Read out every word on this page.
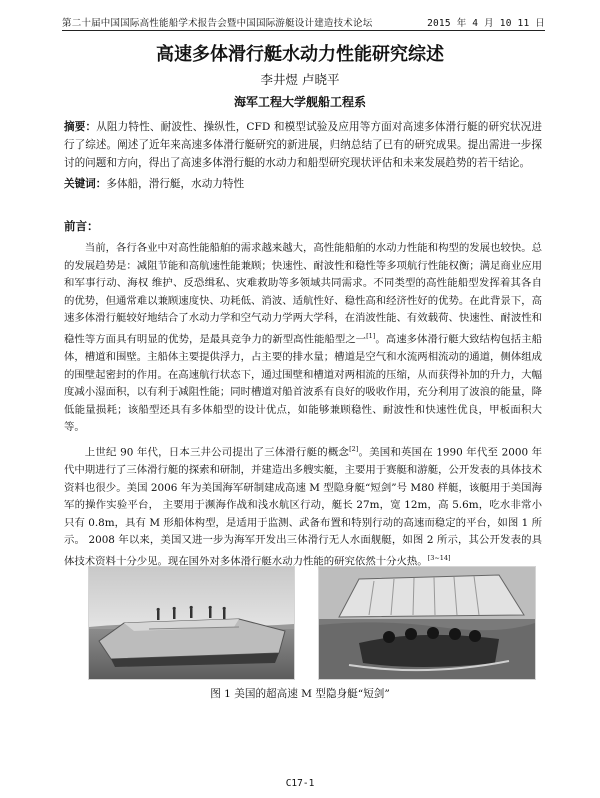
第二十届中国国际高性能船学术报告会暨中国国际游艇设计建造技术论坛	2015 年 4 月 10 11 日
高速多体滑行艇水动力性能研究综述
李井煜 卢晓平
海军工程大学舰船工程系
摘要：从阻力特性、耐波性、操纵性，CFD 和模型试验及应用等方面对高速多体滑行艇的研究状况进行了综述。阐述了近年来高速多体滑行艇研究的新进展，归纳总结了已有的研究成果。提出需进一步探讨的问题和方向，得出了高速多体滑行艇的水动力和船型研究现状评估和未来发展趋势的若干结论。
关键词：多体船，滑行艇，水动力特性
前言：

当前，各行各业中对高性能船舶的需求越来越大，高性能船舶的水动力性能和构型的发展也较快。总的发展趋势是：减阻节能和高航速性能兼顾；快速性、耐波性和稳性等多项航行性能权衡；满足商业应用和军事行动、海权 维护、反恐缉私、灾难救助等多领域共同需求。不同类型的高性能船型发挥着其各自的优势，但通常难以兼顾速度快、功耗低、消波、适航性好、稳性高和经济性好的优势。在此背景下，高速多体滑行艇较好地结合了水动力学和空气动力学两大学科，在消波性能、有效载荷、快速性、耐波性和稳性等方面具有明显的优势，是最具竞争力的新型高性能船型之一[1]。高速多体滑行艇大致结构包括主船体，槽道和围壁。主船体主要提供浮力，占主要的排水量；槽道是空气和水流两相流动的通道，侧体组成的围壁起密封的作用。在高速航行状态下，通过围壁和槽道对两相流的压缩，从而获得补加的升力，大幅度减小湿面积，以有利于减阻性能；同时槽道对船首波系有良好的吸收作用，充分利用了波浪的能量，降低能量损耗；该船型还具有多体船型的设计优点，如能够兼顾稳性、耐波性和快速性优良，甲板面积大等。

上世纪 90 年代，日本三井公司提出了三体滑行艇的概念[2]。美国和英国在 1990 年代至 2000 年代中期进行了三体滑行艇的探索和研制，并建造出多艘实艇，主要用于赛艇和游艇，公开发表的具体技术资料也很少。美国 2006 年为美国海军研制建成高速 M 型隐身艇“短剑”号 M80 样艇，该艇用于美国海军的操作实验平台， 主要用于濒海作战和浅水航区行动，艇长 27m，宽 12m，高 5.6m，吃水非常小只有 0.8m，具有 M 形船体构型，是适用于监测、武备布置和特别行动的高速而稳定的平台，如图 1 所示。 2008 年以来，美国又进一步为海军开发出三体滑行无人水面舰艇，如图 2 所示，其公开发表的具体技术资料十分少见。现在国外对多体滑行艇水动力性能的研究依然十分火热。[3~14]

图 1 美国的超高速 M 型隐身艇“短剑”
C17-1
